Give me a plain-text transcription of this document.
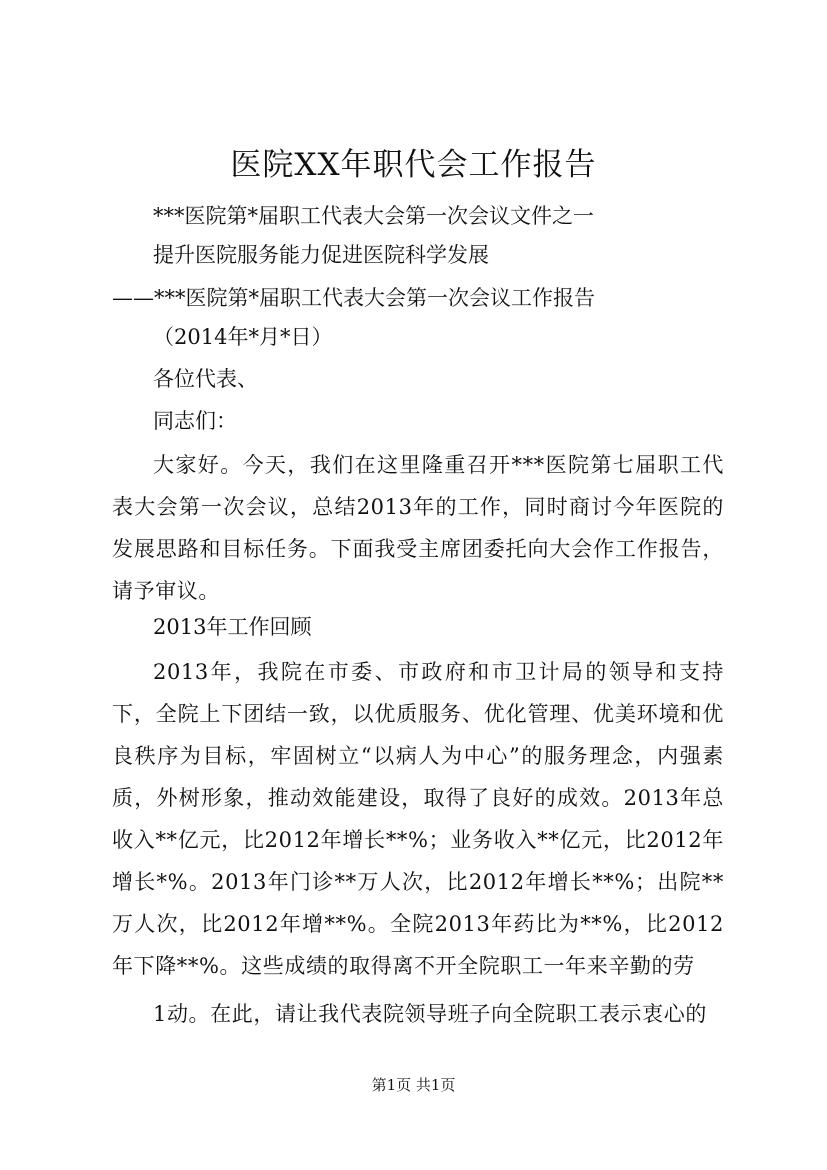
医院XX年职代会工作报告
***医院第*届职工代表大会第一次会议文件之一
提升医院服务能力促进医院科学发展
——***医院第*届职工代表大会第一次会议工作报告
（2014年*月*日）
各位代表、
同志们：
大家好。今天，我们在这里隆重召开***医院第七届职工代表大会第一次会议，总结2013年的工作，同时商讨今年医院的发展思路和目标任务。下面我受主席团委托向大会作工作报告，请予审议。
2013年工作回顾
2013年，我院在市委、市政府和市卫计局的领导和支持下，全院上下团结一致，以优质服务、优化管理、优美环境和优良秩序为目标，牢固树立“以病人为中心”的服务理念，内强素质，外树形象，推动效能建设，取得了良好的成效。2013年总收入**亿元，比2012年增长**%；业务收入**亿元，比2012年增长*%。2013年门诊**万人次，比2012年增长**%；出院**万人次，比2012年增**%。全院2013年药比为**%，比2012年下降**%。这些成绩的取得离不开全院职工一年来辛勤的劳
1动。在此，请让我代表院领导班子向全院职工表示衷心的
第1页 共1页
